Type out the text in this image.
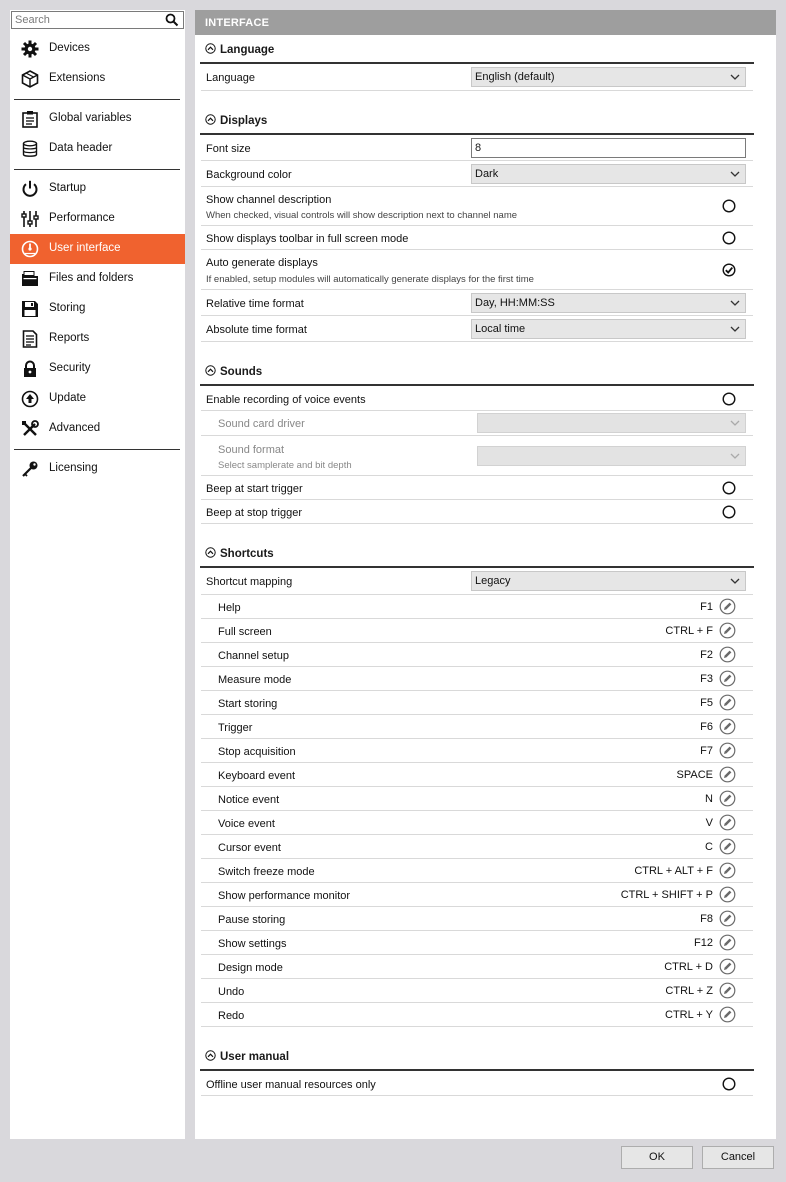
Search
Devices
Extensions
Global variables
Data header
Startup
Performance
User interface
Files and folders
Storing
Reports
Security
Update
Advanced
Licensing
INTERFACE
Language
Language	English (default)
Displays
Font size	8
Background color	Dark
Show channel description
When checked, visual controls will show description next to channel name
Show displays toolbar in full screen mode
Auto generate displays
If enabled, setup modules will automatically generate displays for the first time
Relative time format	Day, HH:MM:SS
Absolute time format	Local time
Sounds
Enable recording of voice events
Sound card driver
Sound format
Select samplerate and bit depth
Beep at start trigger
Beep at stop trigger
Shortcuts
Shortcut mapping	Legacy
Help	F1
Full screen	CTRL + F
Channel setup	F2
Measure mode	F3
Start storing	F5
Trigger	F6
Stop acquisition	F7
Keyboard event	SPACE
Notice event	N
Voice event	V
Cursor event	C
Switch freeze mode	CTRL + ALT + F
Show performance monitor	CTRL + SHIFT + P
Pause storing	F8
Show settings	F12
Design mode	CTRL + D
Undo	CTRL + Z
Redo	CTRL + Y
User manual
Offline user manual resources only
OK	Cancel
